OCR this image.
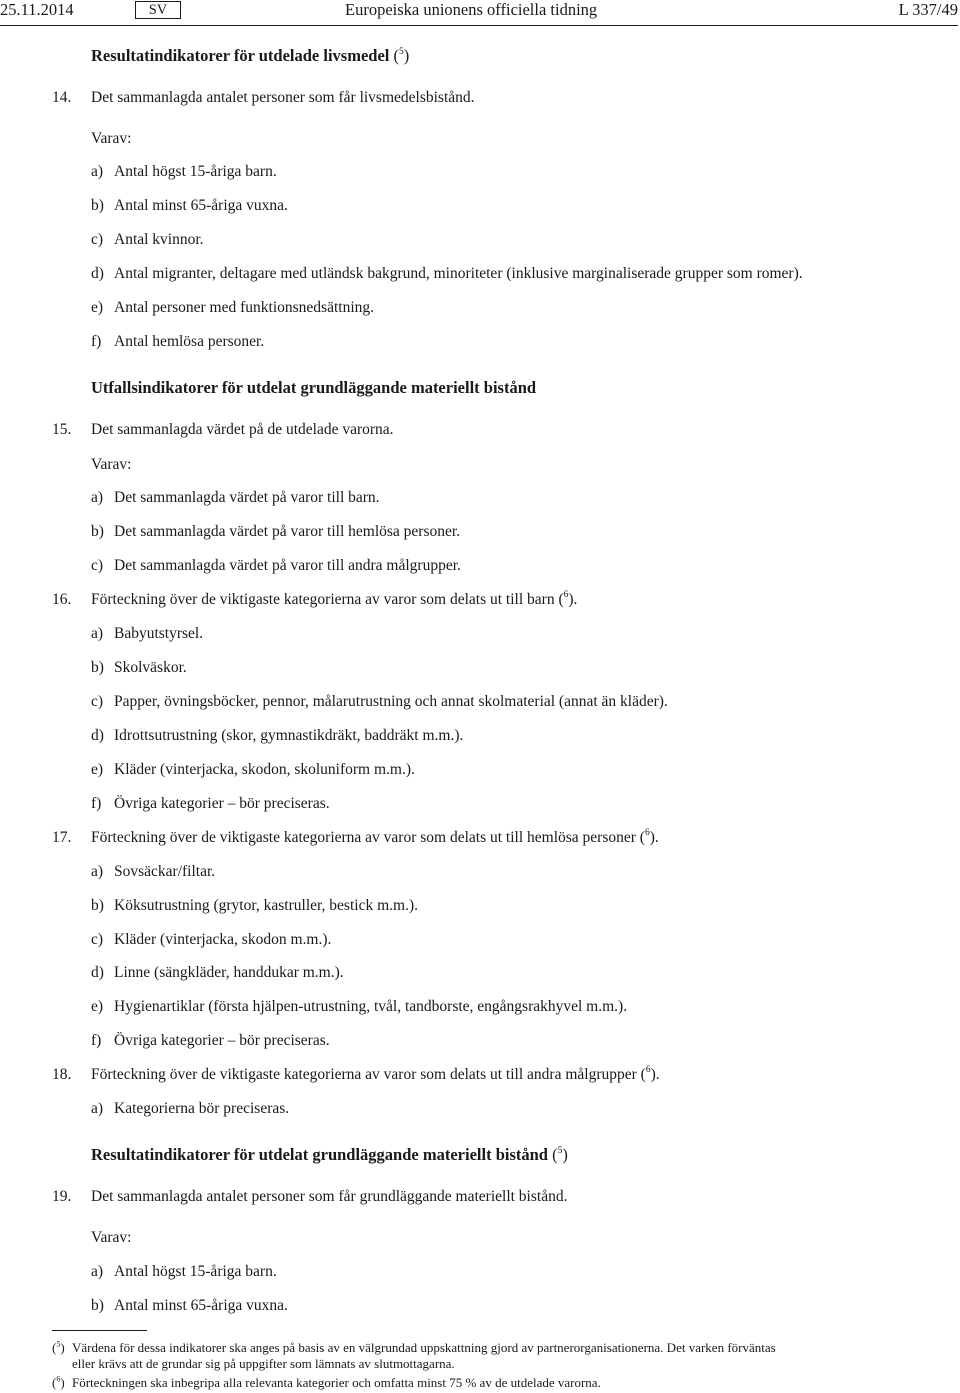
25.11.2014	SV	Europeiska unionens officiella tidning	L 337/49
Resultatindikatorer för utdelade livsmedel ($^5$)
14. Det sammanlagda antalet personer som får livsmedelsbistånd.
Varav:
a) Antal högst 15-åriga barn.
b) Antal minst 65-åriga vuxna.
c) Antal kvinnor.
d) Antal migranter, deltagare med utländsk bakgrund, minoriteter (inklusive marginaliserade grupper som romer).
e) Antal personer med funktionsnedsättning.
f) Antal hemlösa personer.
Utfallsindikatorer för utdelat grundläggande materiellt bistånd
15. Det sammanlagda värdet på de utdelade varorna.
Varav:
a) Det sammanlagda värdet på varor till barn.
b) Det sammanlagda värdet på varor till hemlösa personer.
c) Det sammanlagda värdet på varor till andra målgrupper.
16. Förteckning över de viktigaste kategorierna av varor som delats ut till barn ($^6$).
a) Babyutstyrsel.
b) Skolväskor.
c) Papper, övningsböcker, pennor, målarutrustning och annat skolmaterial (annat än kläder).
d) Idrottsutrustning (skor, gymnastikdräkt, baddräkt m.m.).
e) Kläder (vinterjacka, skodon, skoluniform m.m.).
f) Övriga kategorier – bör preciseras.
17. Förteckning över de viktigaste kategorierna av varor som delats ut till hemlösa personer ($^6$).
a) Sovsäckar/filtar.
b) Köksutrustning (grytor, kastruller, bestick m.m.).
c) Kläder (vinterjacka, skodon m.m.).
d) Linne (sängkläder, handdukar m.m.).
e) Hygienartiklar (första hjälpen-utrustning, tvål, tandborste, engångsrakhyvel m.m.).
f) Övriga kategorier – bör preciseras.
18. Förteckning över de viktigaste kategorierna av varor som delats ut till andra målgrupper ($^6$).
a) Kategorierna bör preciseras.
Resultatindikatorer för utdelat grundläggande materiellt bistånd ($^5$)
19. Det sammanlagda antalet personer som får grundläggande materiellt bistånd.
Varav:
a) Antal högst 15-åriga barn.
b) Antal minst 65-åriga vuxna.
($^5$) Värdena för dessa indikatorer ska anges på basis av en välgrundad uppskattning gjord av partnerorganisationerna. Det varken förväntas
eller krävs att de grundar sig på uppgifter som lämnats av slutmottagarna.
($^6$) Förteckningen ska inbegripa alla relevanta kategorier och omfatta minst 75 % av de utdelade varorna.
